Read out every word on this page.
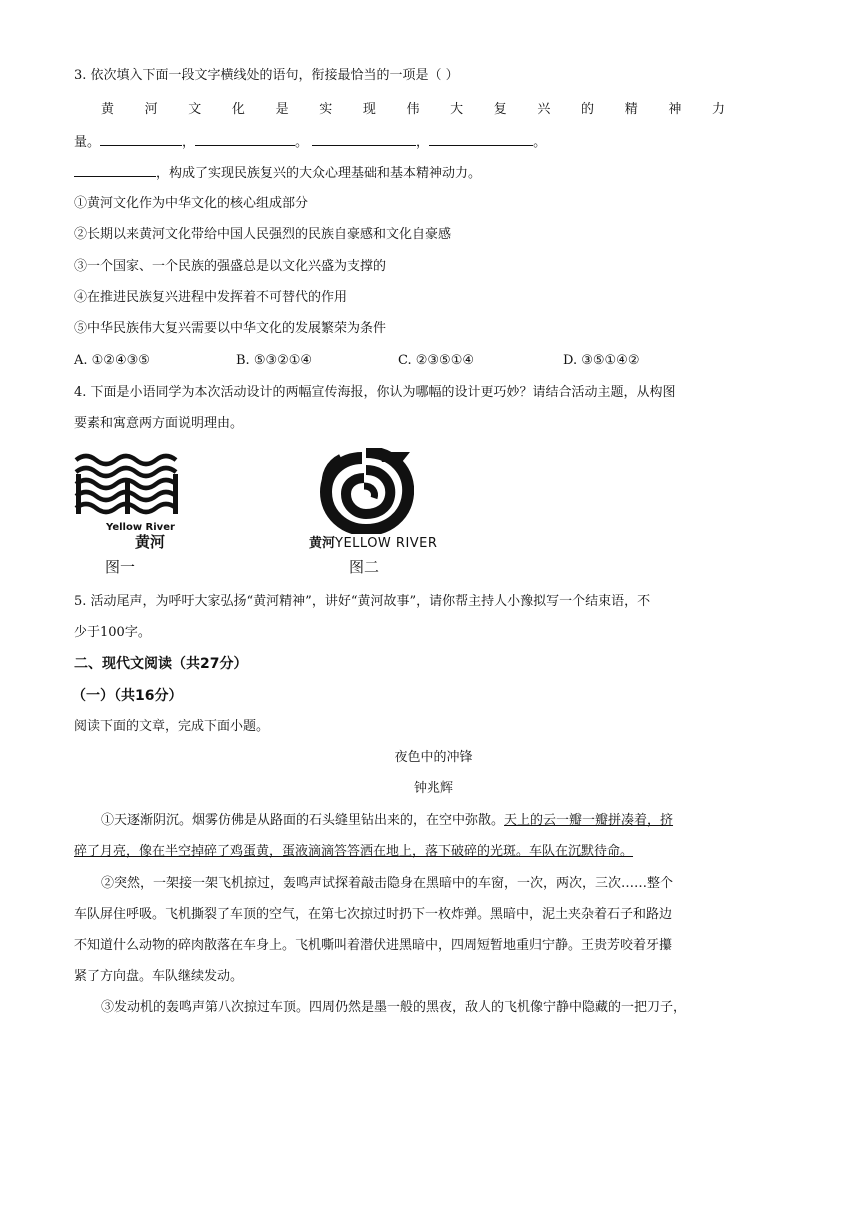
3. 依次填入下面一段文字横线处的语句，衔接最恰当的一项是（ ）
黄 河 文 化 是 实 现 伟 大 复 兴 的 精 神 力
量。	，	。	，	。
，构成了实现民族复兴的大众心理基础和基本精神动力。
①黄河文化作为中华文化的核心组成部分
②长期以来黄河文化带给中国人民强烈的民族自豪感和文化自豪感
③一个国家、一个民族的强盛总是以文化兴盛为支撑的
④在推进民族复兴进程中发挥着不可替代的作用
⑤中华民族伟大复兴需要以中华文化的发展繁荣为条件
A. ①②④③⑤	B. ⑤③②①④	C. ②③⑤①④	D. ③⑤①④②
4. 下面是小语同学为本次活动设计的两幅宣传海报，你认为哪幅的设计更巧妙？请结合活动主题，从构图
要素和寓意两方面说明理由。
Yellow River
黄河
图一
黄河YELLOW RIVER
图二
5. 活动尾声，为呼吁大家弘扬“黄河精神”，讲好“黄河故事”，请你帮主持人小豫拟写一个结束语，不
少于100字。
二、现代文阅读（共27分）
（一）（共16分）
阅读下面的文章，完成下面小题。
夜色中的冲锋
钟兆辉
①天逐渐阴沉。烟雾仿佛是从路面的石头缝里钻出来的，在空中弥散。天上的云一瓣一瓣拼凑着，挤
碎了月亮，像在半空掉碎了鸡蛋黄，蛋液滴滴答答洒在地上，落下破碎的光斑。车队在沉默待命。
②突然，一架接一架飞机掠过，轰鸣声试探着敲击隐身在黑暗中的车窗，一次，两次，三次……整个
车队屏住呼吸。飞机撕裂了车顶的空气，在第七次掠过时扔下一枚炸弹。黑暗中，泥土夹杂着石子和路边
不知道什么动物的碎肉散落在车身上。飞机嘶叫着潜伏进黑暗中，四周短暂地重归宁静。王贵芳咬着牙攥
紧了方向盘。车队继续发动。
③发动机的轰鸣声第八次掠过车顶。四周仍然是墨一般的黑夜，敌人的飞机像宁静中隐藏的一把刀子，
